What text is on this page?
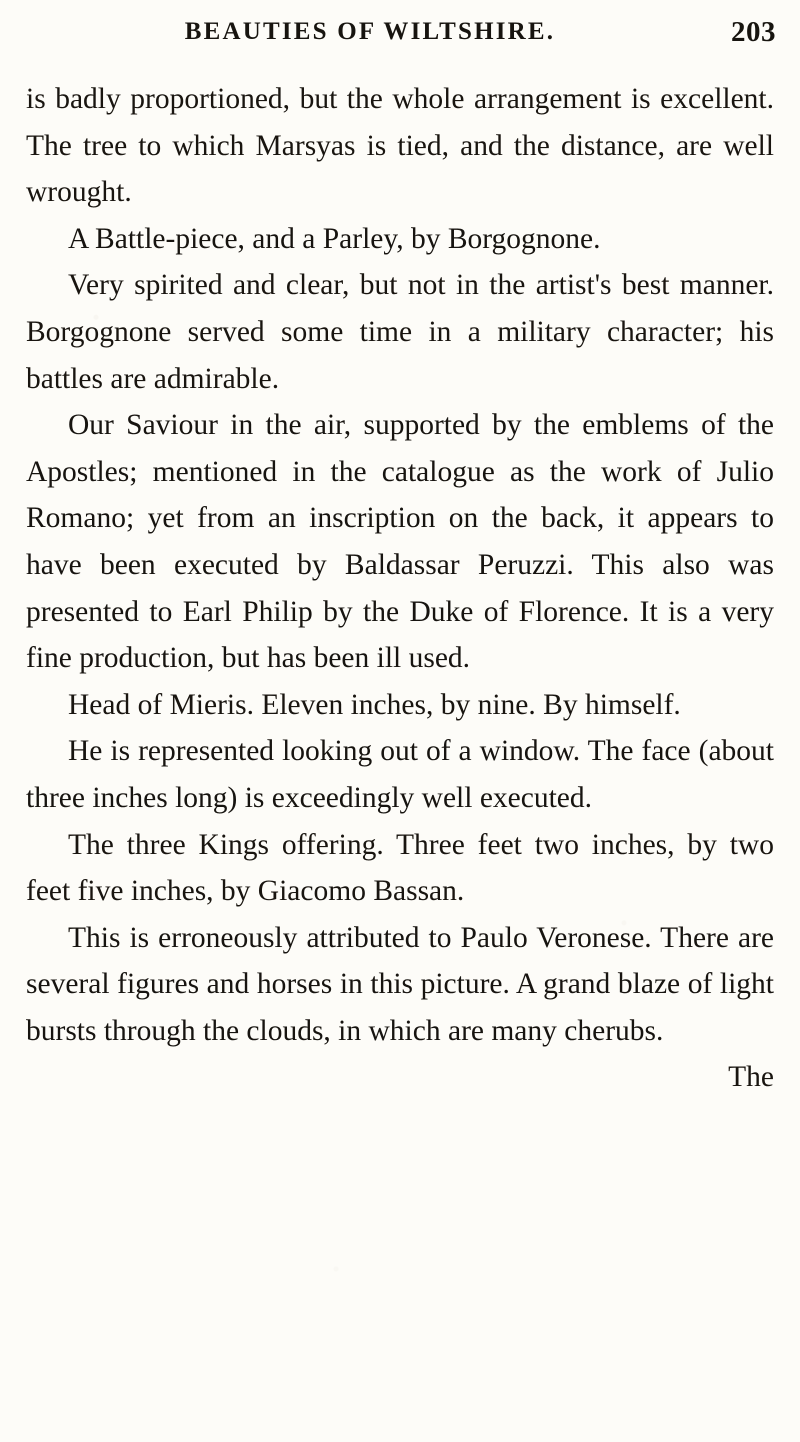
BEAUTIES OF WILTSHIRE.	203

is badly proportioned, but the whole arrangement is excellent. The tree to which Marsyas is tied, and the distance, are well wrought.

A Battle-piece, and a Parley, by Borgognone.

Very spirited and clear, but not in the artist's best manner. Borgognone served some time in a military character; his battles are admirable.

Our Saviour in the air, supported by the emblems of the Apostles; mentioned in the catalogue as the work of Julio Romano; yet from an inscription on the back, it appears to have been executed by Baldassar Peruzzi. This also was presented to Earl Philip by the Duke of Florence. It is a very fine production, but has been ill used.

Head of Mieris. Eleven inches, by nine. By himself.

He is represented looking out of a window. The face (about three inches long) is exceedingly well executed.

The three Kings offering. Three feet two inches, by two feet five inches, by Giacomo Bassan.

This is erroneously attributed to Paulo Veronese. There are several figures and horses in this picture. A grand blaze of light bursts through the clouds, in which are many cherubs.

The
